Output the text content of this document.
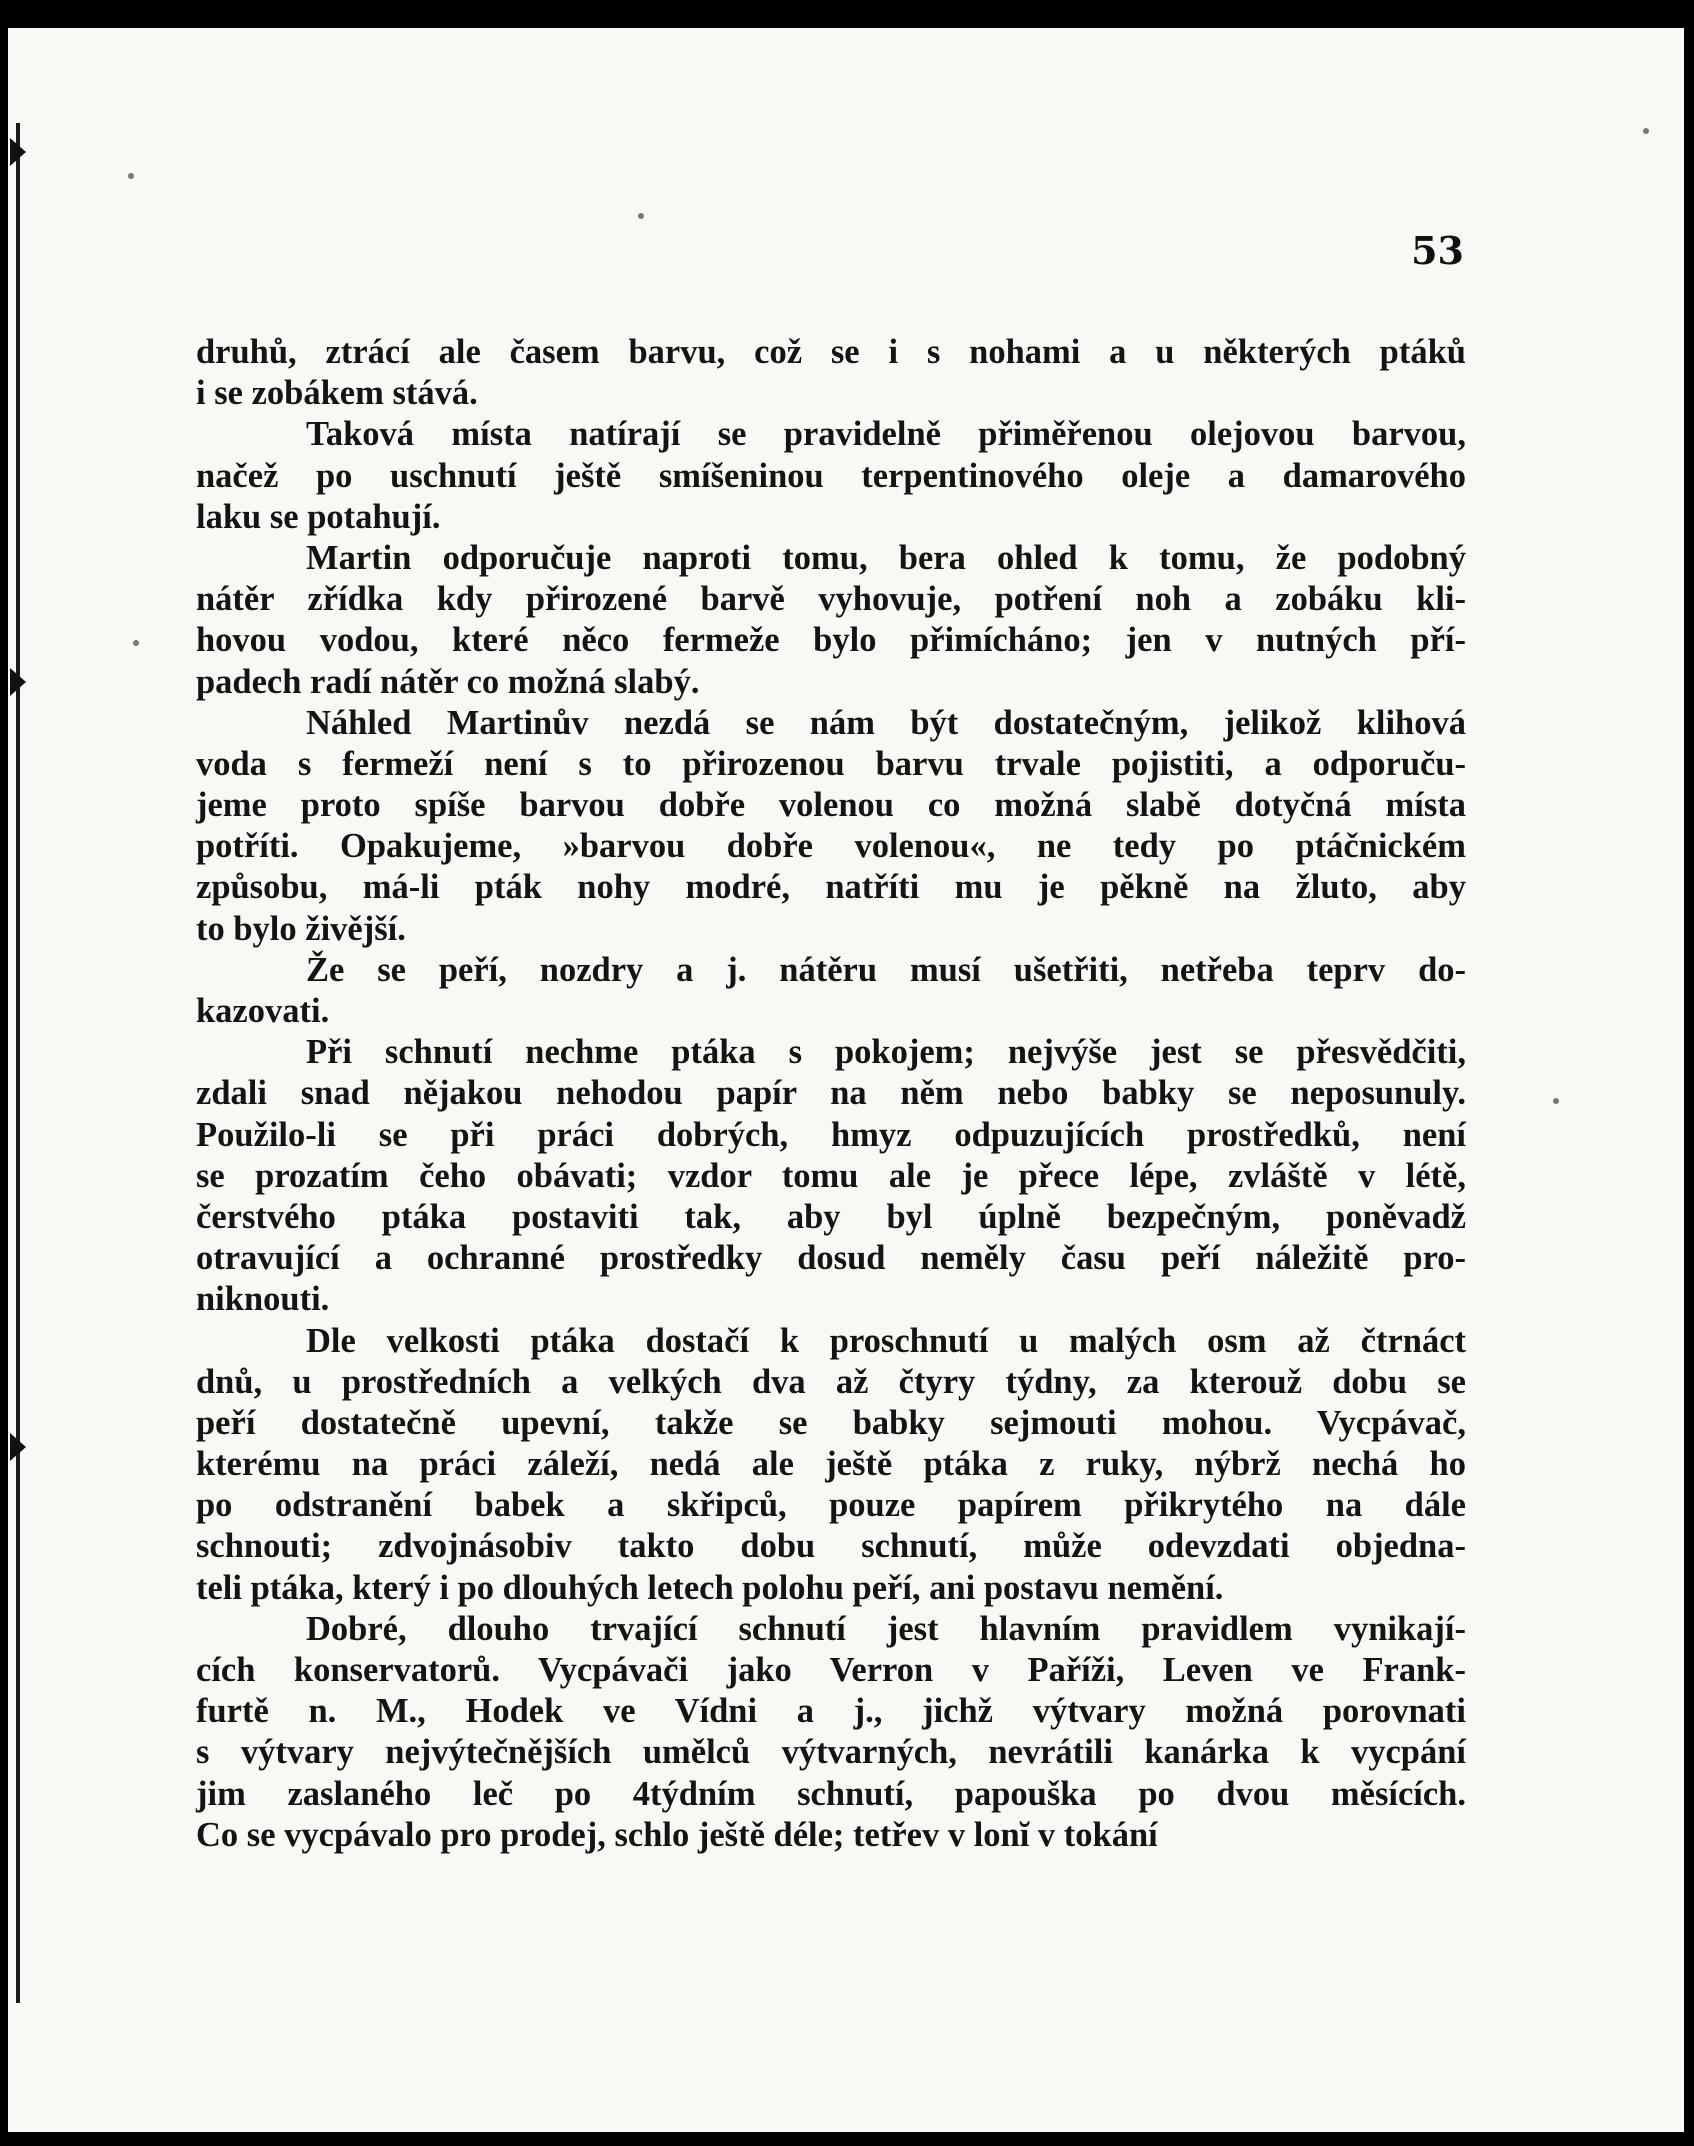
53
druhů, ztrácí ale časem barvu, což se i s nohami a u některých ptáků
i se zobákem stává.
Taková místa natírají se pravidelně přiměřenou olejovou barvou,
načež po uschnutí ještě smíšeninou terpentinového oleje a damarového
laku se potahují.
Martin odporučuje naproti tomu, bera ohled k tomu, že podobný
nátěr zřídka kdy přirozené barvě vyhovuje, potření noh a zobáku kli-
hovou vodou, které něco fermeže bylo přimícháno; jen v nutných pří-
padech radí nátěr co možná slabý.
Náhled Martinův nezdá se nám být dostatečným, jelikož klihová
voda s fermeží není s to přirozenou barvu trvale pojistiti, a odporuču-
jeme proto spíše barvou dobře volenou co možná slabě dotyčná místa
potříti. Opakujeme, »barvou dobře volenou«, ne tedy po ptáčnickém
způsobu, má-li pták nohy modré, natříti mu je pěkně na žluto, aby
to bylo živější.
Že se peří, nozdry a j. nátěru musí ušetřiti, netřeba teprv do-
kazovati.
Při schnutí nechme ptáka s pokojem; nejvýše jest se přesvědčiti,
zdali snad nějakou nehodou papír na něm nebo babky se neposunuly.
Použilo-li se při práci dobrých, hmyz odpuzujících prostředků, není
se prozatím čeho obávati; vzdor tomu ale je přece lépe, zvláště v létě,
čerstvého ptáka postaviti tak, aby byl úplně bezpečným, poněvadž
otravující a ochranné prostředky dosud neměly času peří náležitě pro-
niknouti.
Dle velkosti ptáka dostačí k proschnutí u malých osm až čtrnáct
dnů, u prostředních a velkých dva až čtyry týdny, za kterouž dobu se
peří dostatečně upevní, takže se babky sejmouti mohou. Vycpávač,
kterému na práci záleží, nedá ale ještě ptáka z ruky, nýbrž nechá ho
po odstranění babek a skřipců, pouze papírem přikrytého na dále
schnouti; zdvojnásobiv takto dobu schnutí, může odevzdati objedna-
teli ptáka, který i po dlouhých letech polohu peří, ani postavu nemění.
Dobré, dlouho trvající schnutí jest hlavním pravidlem vynikají-
cích konservatorů. Vycpávači jako Verron v Paříži, Leven ve Frank-
furtě n. M., Hodek ve Vídni a j., jichž výtvary možná porovnati
s výtvary nejvýtečnějších umělců výtvarných, nevrátili kanárka k vycpání
jim zaslaného leč po 4týdním schnutí, papouška po dvou měsících.
Co se vycpávalo pro prodej, schlo ještě déle; tetřev v lonĭ v tokání
